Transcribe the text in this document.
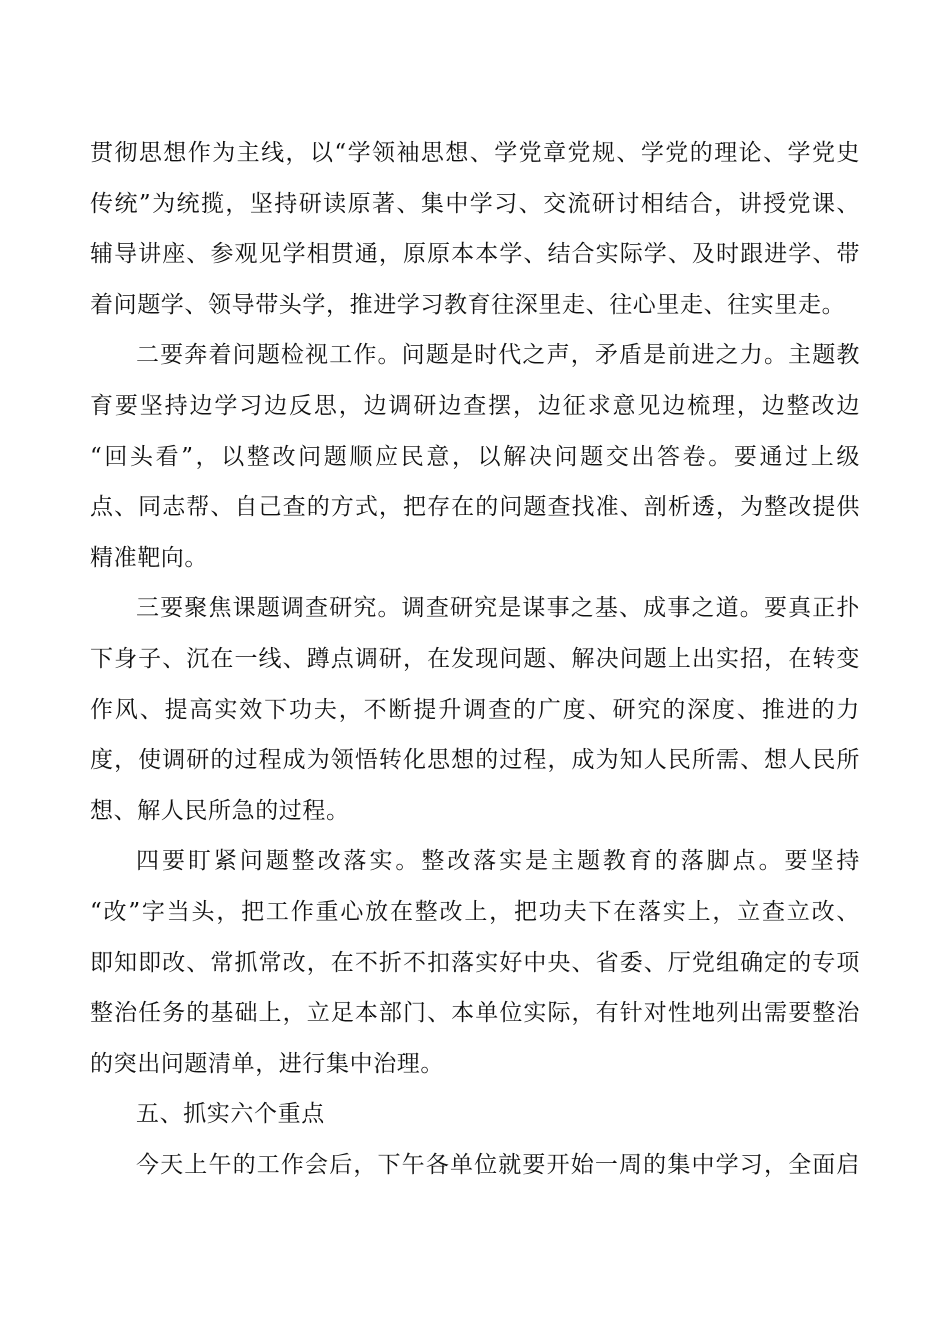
贯彻思想作为主线，以“学领袖思想、学党章党规、学党的理论、学党史
传统”为统揽，坚持研读原著、集中学习、交流研讨相结合，讲授党课、
辅导讲座、参观见学相贯通，原原本本学、结合实际学、及时跟进学、带
着问题学、领导带头学，推进学习教育往深里走、往心里走、往实里走。
二要奔着问题检视工作。问题是时代之声，矛盾是前进之力。主题教
育要坚持边学习边反思，边调研边查摆，边征求意见边梳理，边整改边
“回头看”，以整改问题顺应民意，以解决问题交出答卷。要通过上级
点、同志帮、自己查的方式，把存在的问题查找准、剖析透，为整改提供
精准靶向。
三要聚焦课题调查研究。调查研究是谋事之基、成事之道。要真正扑
下身子、沉在一线、蹲点调研，在发现问题、解决问题上出实招，在转变
作风、提高实效下功夫，不断提升调查的广度、研究的深度、推进的力
度，使调研的过程成为领悟转化思想的过程，成为知人民所需、想人民所
想、解人民所急的过程。
四要盯紧问题整改落实。整改落实是主题教育的落脚点。要坚持
“改”字当头，把工作重心放在整改上，把功夫下在落实上，立查立改、
即知即改、常抓常改，在不折不扣落实好中央、省委、厅党组确定的专项
整治任务的基础上，立足本部门、本单位实际，有针对性地列出需要整治
的突出问题清单，进行集中治理。
五、抓实六个重点
今天上午的工作会后，下午各单位就要开始一周的集中学习，全面启
